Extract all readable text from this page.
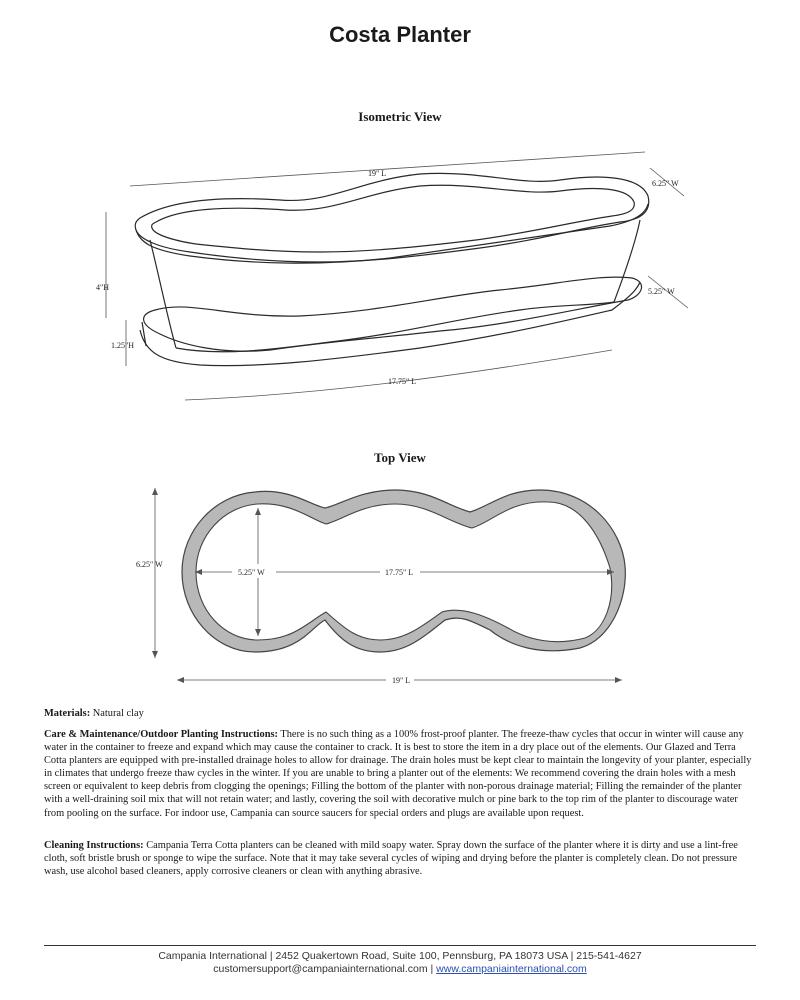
Costa Planter
Isometric View
19" L
6.25" W
4"H	5.25" W
1.25"H
17.75" L
Top View
6.25" W
5.25" W	17.75" L
19" L

Materials: Natural clay

Care & Maintenance/Outdoor Planting Instructions: There is no such thing as a 100% frost-proof planter. The freeze-thaw cycles that occur in winter will cause any water in the container to freeze and expand which may cause the container to crack. It is best to store the item in a dry place out of the elements. Our Glazed and Terra Cotta planters are equipped with pre-installed drainage holes to allow for drainage. The drain holes must be kept clear to maintain the longevity of your planter, especially in climates that undergo freeze thaw cycles in the winter. If you are unable to bring a planter out of the elements: We recommend covering the drain holes with a mesh screen or equivalent to keep debris from clogging the openings; Filling the bottom of the planter with non-porous drainage material; Filling the remainder of the planter with a well-draining soil mix that will not retain water; and lastly, covering the soil with decorative mulch or pine bark to the top rim of the planter to discourage water from pooling on the surface. For indoor use, Campania can source saucers for special orders and plugs are available upon request.

Cleaning Instructions: Campania Terra Cotta planters can be cleaned with mild soapy water. Spray down the surface of the planter where it is dirty and use a lint-free cloth, soft bristle brush or sponge to wipe the surface. Note that it may take several cycles of wiping and drying before the planter is completely clean. Do not pressure wash, use alcohol based cleaners, apply corrosive cleaners or clean with anything abrasive.

Campania International | 2452 Quakertown Road, Suite 100, Pennsburg, PA 18073 USA | 215-541-4627
customersupport@campaniainternational.com | www.campaniainternational.com
